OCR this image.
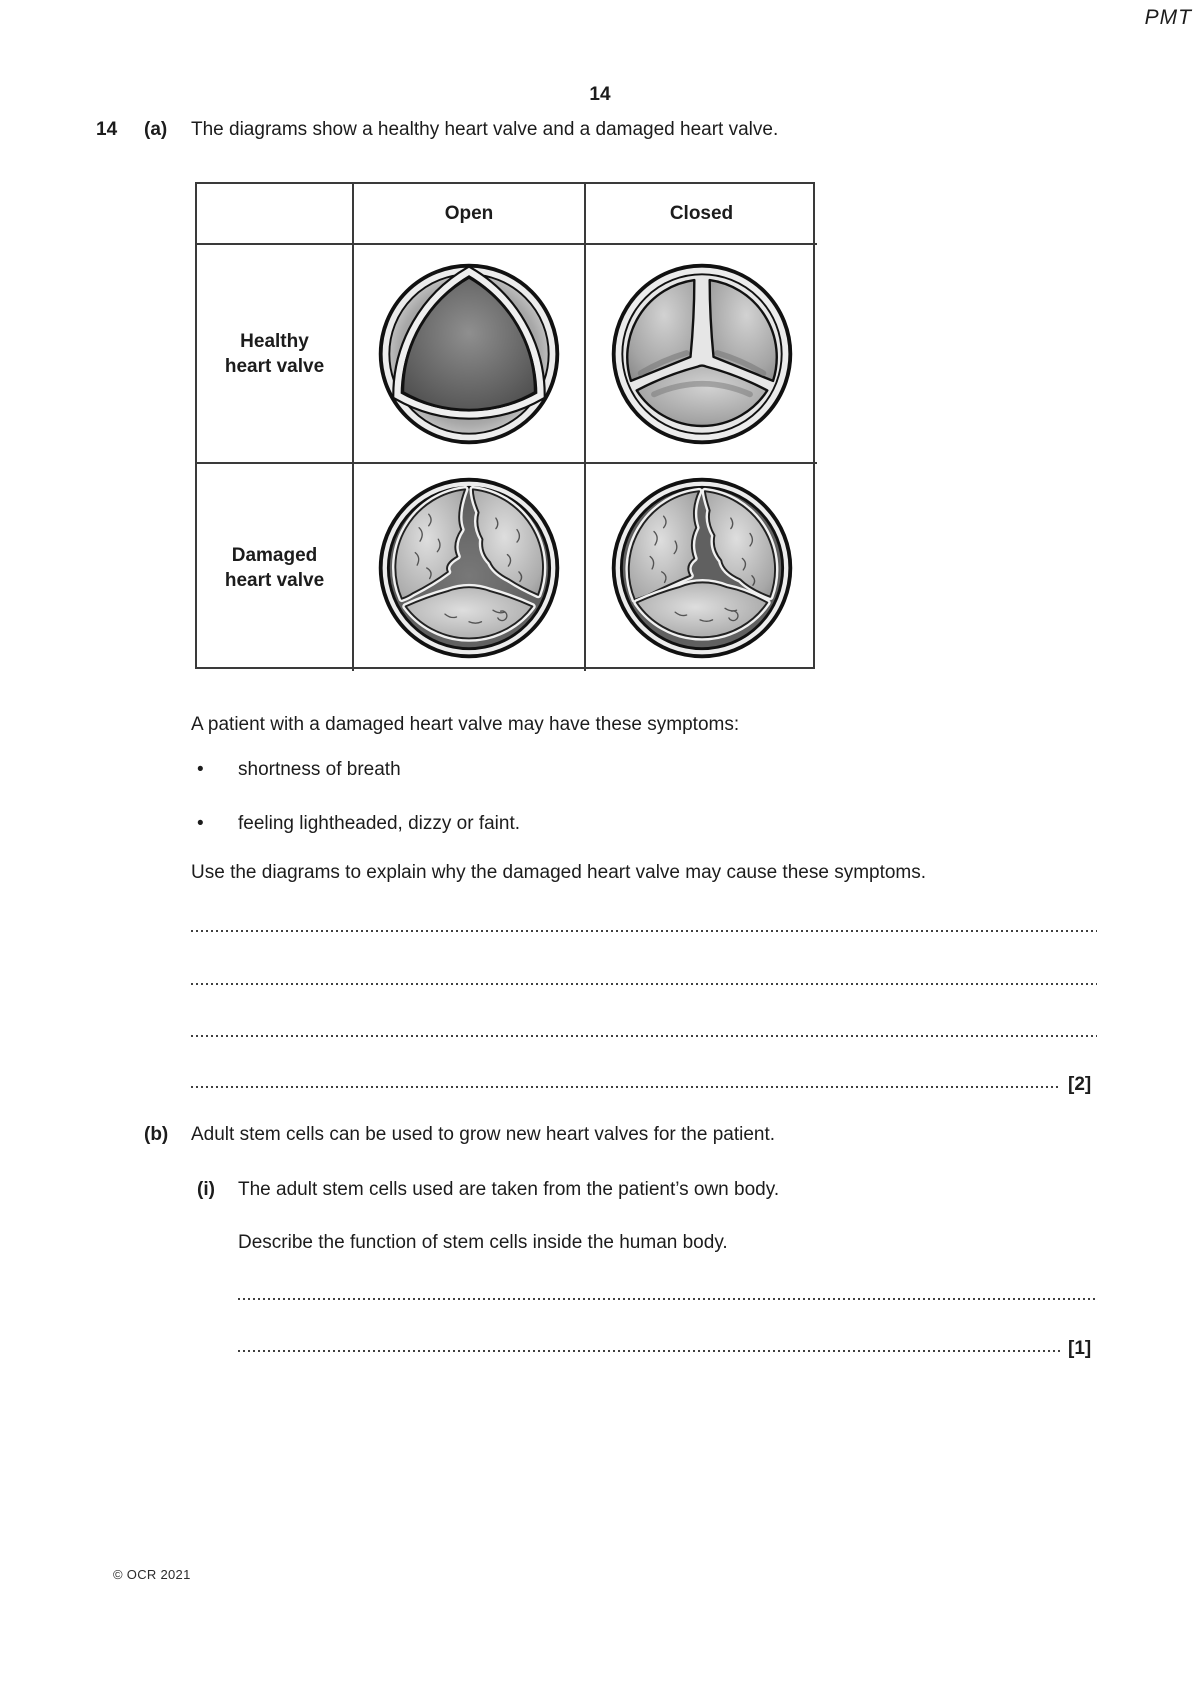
PMT
14
14 (a) The diagrams show a healthy heart valve and a damaged heart valve.
Open	Closed
Healthy heart valve
Damaged heart valve
A patient with a damaged heart valve may have these symptoms:
• shortness of breath
• feeling lightheaded, dizzy or faint.
Use the diagrams to explain why the damaged heart valve may cause these symptoms.
[2]
(b) Adult stem cells can be used to grow new heart valves for the patient.
(i) The adult stem cells used are taken from the patient’s own body.
Describe the function of stem cells inside the human body.
[1]
© OCR 2021
